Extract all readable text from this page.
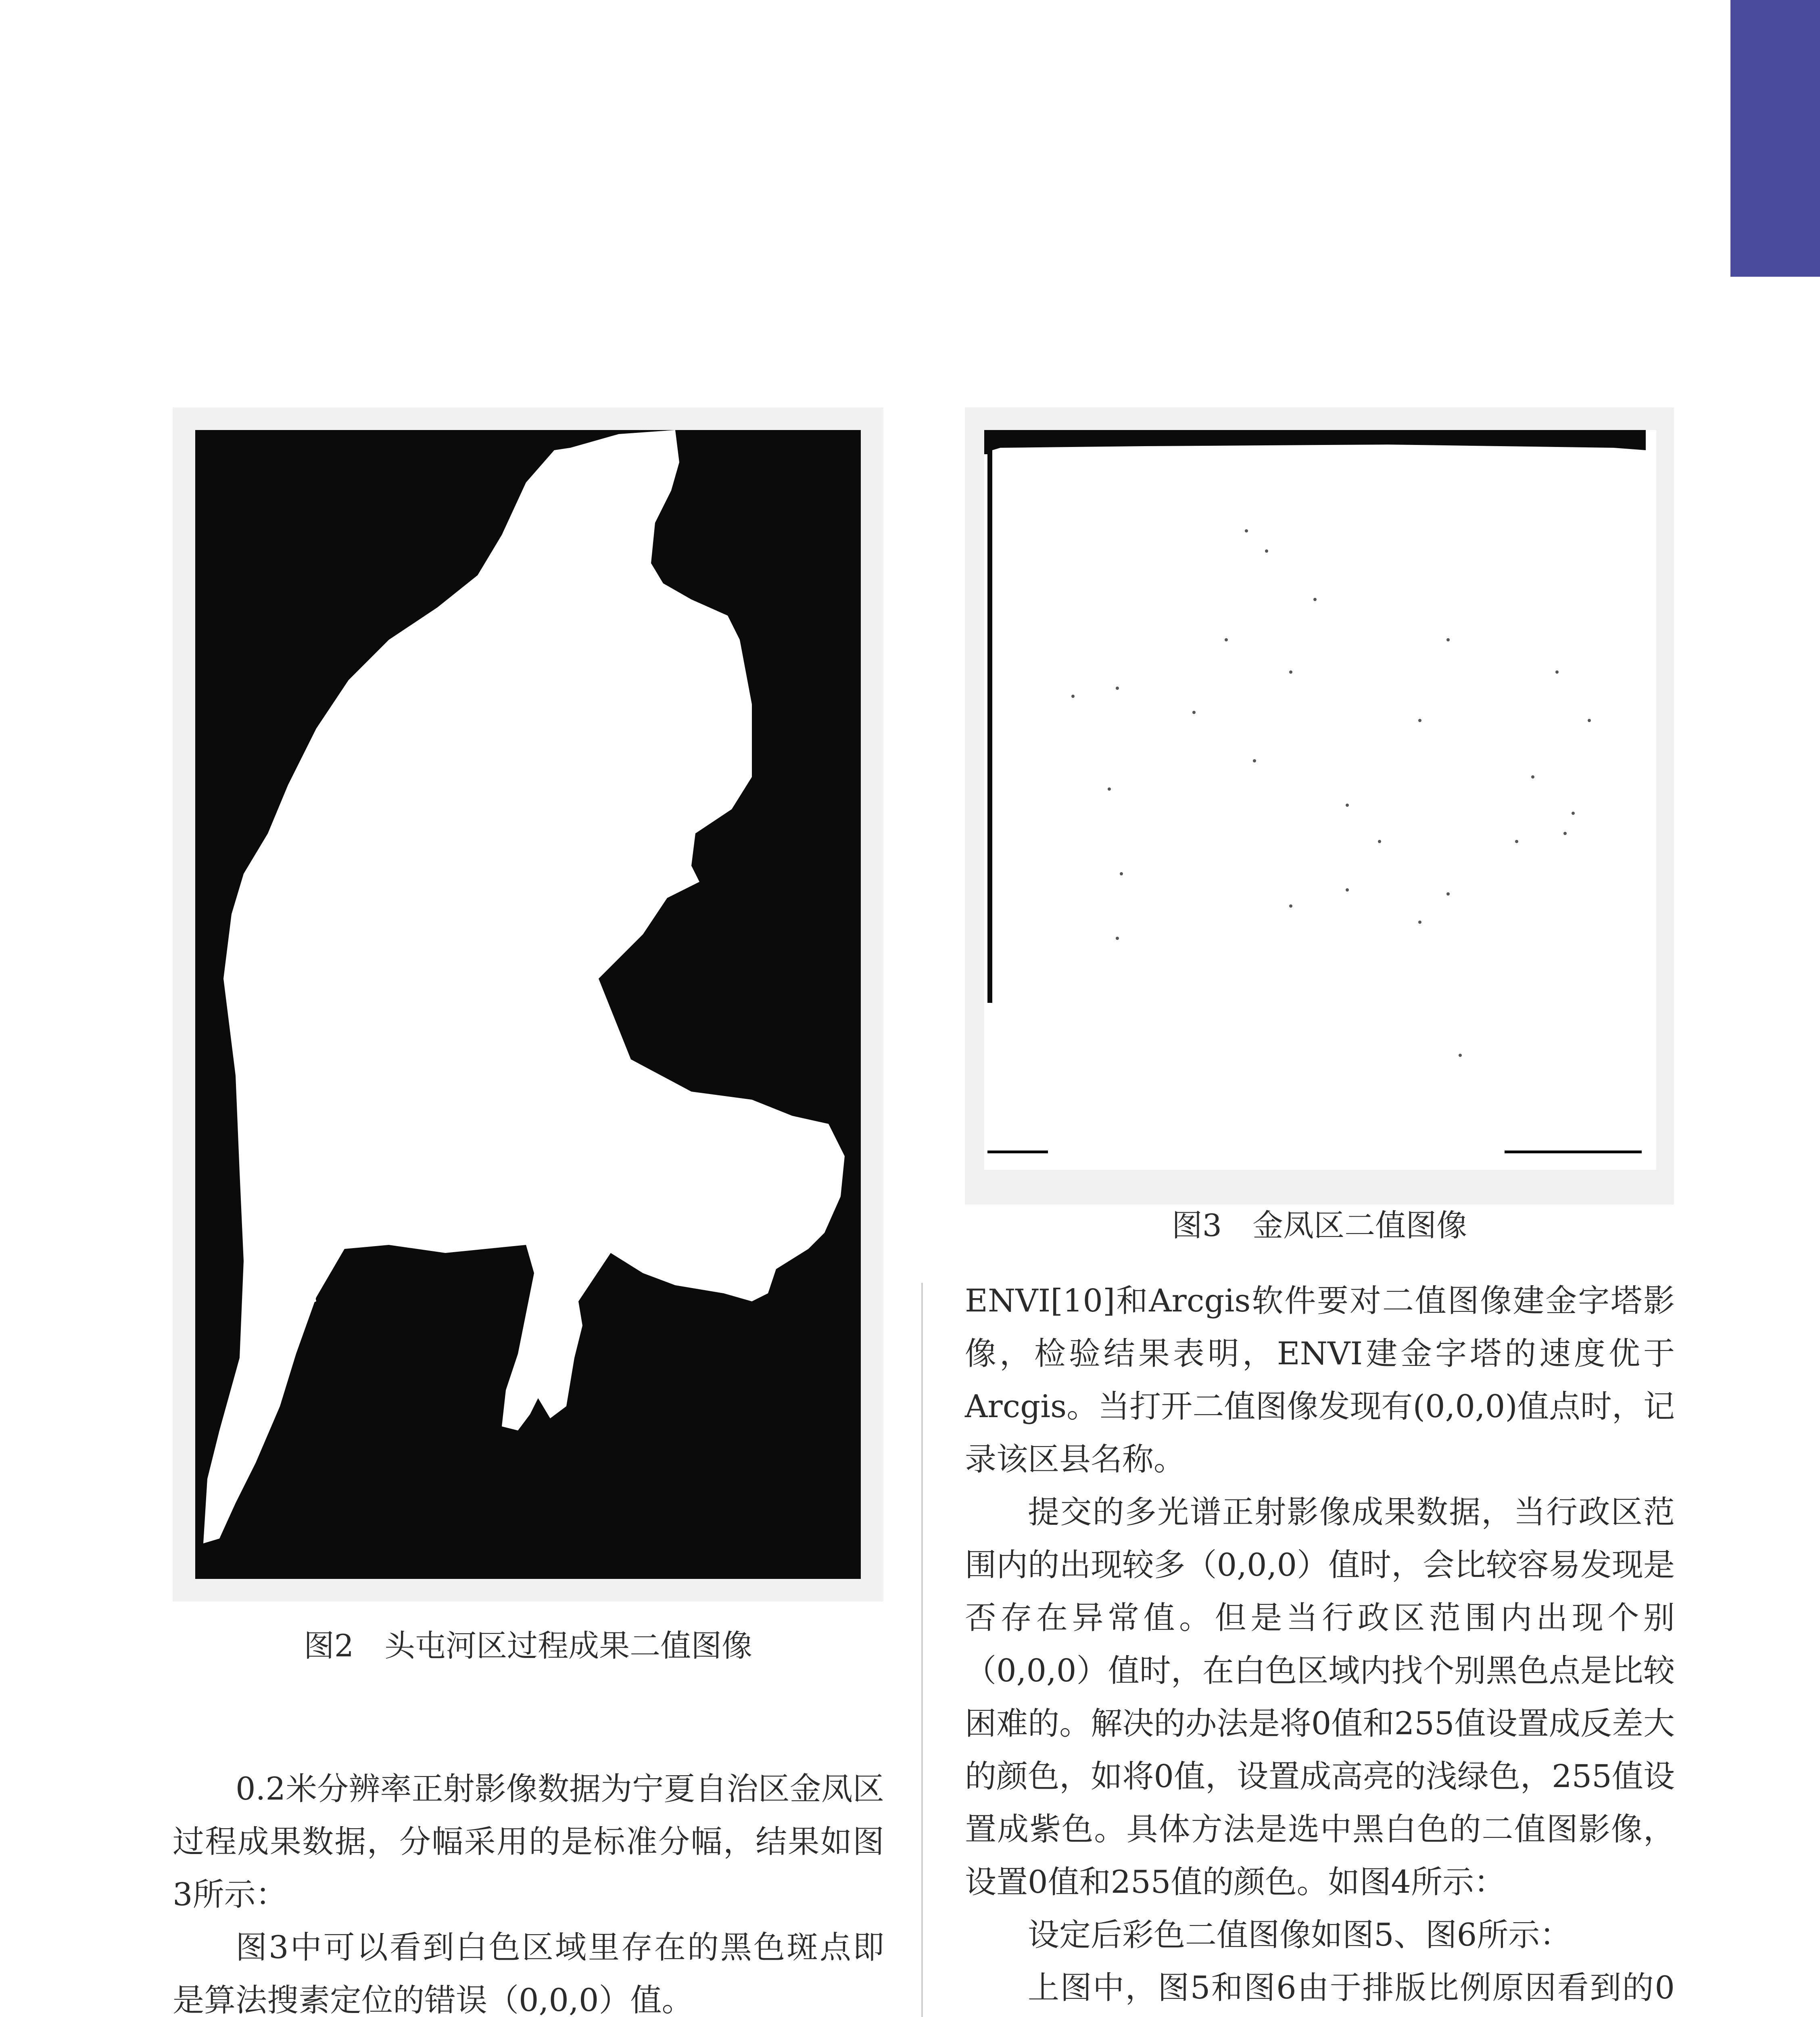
图2　头屯河区过程成果二值图像
图3　金凤区二值图像

0.2米分辨率正射影像数据为宁夏自治区金凤区过程成果数据，分幅采用的是标准分幅，结果如图3所示：

图3中可以看到白色区域里存在的黑色斑点即是算法搜素定位的错误（0,0,0）值。

ENVI[10]和Arcgis软件要对二值图像建金字塔影像，检验结果表明，ENVI建金字塔的速度优于Arcgis。当打开二值图像发现有(0,0,0)值点时，记录该区县名称。

提交的多光谱正射影像成果数据，当行政区范围内的出现较多（0,0,0）值时，会比较容易发现是否存在异常值。但是当行政区范围内出现个别（0,0,0）值时，在白色区域内找个别黑色点是比较困难的。解决的办法是将0值和255值设置成反差大的颜色，如将0值，设置成高亮的浅绿色，255值设置成紫色。具体方法是选中黑白色的二值图影像，设置0值和255值的颜色。如图4所示：

设定后彩色二值图像如图5、图6所示：

上图中，图5和图6由于排版比例原因看到的0
